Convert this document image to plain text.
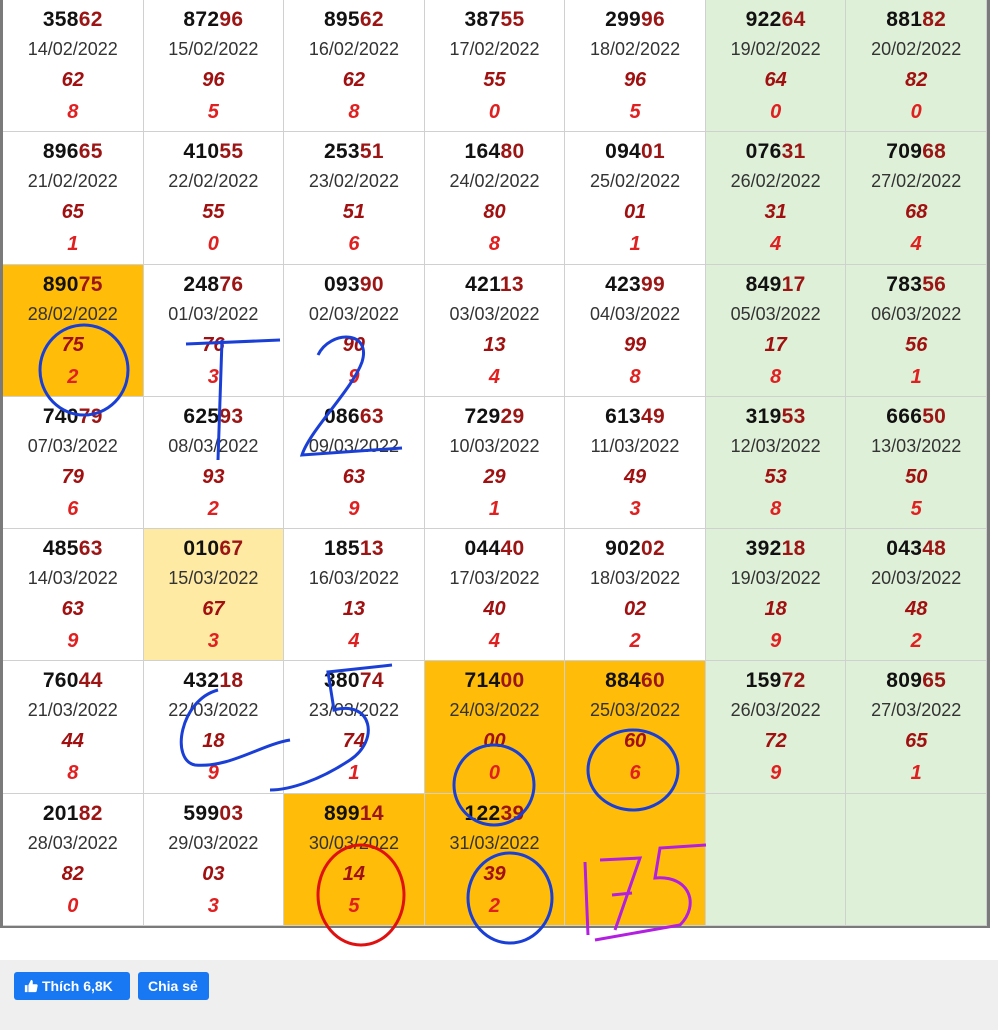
35862
14/02/2022
62
8
87296
15/02/2022
96
5
89562
16/02/2022
62
8
38755
17/02/2022
55
0
29996
18/02/2022
96
5
92264
19/02/2022
64
0
88182
20/02/2022
82
0
89665
21/02/2022
65
1
41055
22/02/2022
55
0
25351
23/02/2022
51
6
16480
24/02/2022
80
8
09401
25/02/2022
01
1
07631
26/02/2022
31
4
70968
27/02/2022
68
4
89075
28/02/2022
75
2
24876
01/03/2022
76
3
09390
02/03/2022
90
9
42113
03/03/2022
13
4
42399
04/03/2022
99
8
84917
05/03/2022
17
8
78356
06/03/2022
56
1
74079
07/03/2022
79
6
62593
08/03/2022
93
2
08663
09/03/2022
63
9
72929
10/03/2022
29
1
61349
11/03/2022
49
3
31953
12/03/2022
53
8
66650
13/03/2022
50
5
48563
14/03/2022
63
9
01067
15/03/2022
67
3
18513
16/03/2022
13
4
04440
17/03/2022
40
4
90202
18/03/2022
02
2
39218
19/03/2022
18
9
04348
20/03/2022
48
2
76044
21/03/2022
44
8
43218
22/03/2022
18
9
38074
23/03/2022
74
1
71400
24/03/2022
00
0
88460
25/03/2022
60
6
15972
26/03/2022
72
9
80965
27/03/2022
65
1
20182
28/03/2022
82
0
59903
29/03/2022
03
3
89914
30/03/2022
14
5
12239
31/03/2022
39
2
Thích 6,8K	Chia sẻ
